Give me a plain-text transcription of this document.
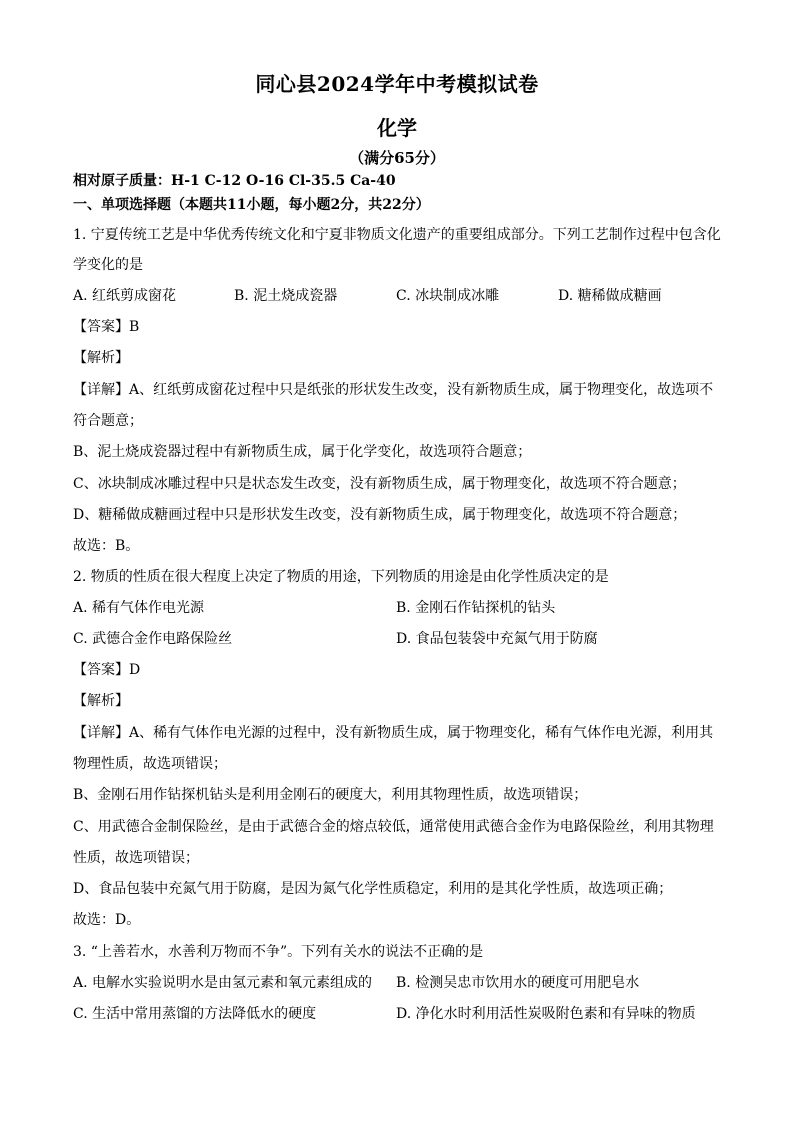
同心县2024学年中考模拟试卷
化学
（满分65分）
相对原子质量：H-1 C-12 O-16 Cl-35.5 Ca-40
一、单项选择题（本题共11小题，每小题2分，共22分）
1. 宁夏传统工艺是中华优秀传统文化和宁夏非物质文化遗产的重要组成部分。下列工艺制作过程中包含化
学变化的是
A. 红纸剪成窗花	B. 泥土烧成瓷器	C. 冰块制成冰雕	D. 糖稀做成糖画
【答案】B
【解析】
【详解】A、红纸剪成窗花过程中只是纸张的形状发生改变，没有新物质生成，属于物理变化，故选项不
符合题意；
B、泥土烧成瓷器过程中有新物质生成，属于化学变化，故选项符合题意；
C、冰块制成冰雕过程中只是状态发生改变，没有新物质生成，属于物理变化，故选项不符合题意；
D、糖稀做成糖画过程中只是形状发生改变，没有新物质生成，属于物理变化，故选项不符合题意；
故选：B。
2. 物质的性质在很大程度上决定了物质的用途，下列物质的用途是由化学性质决定的是
A. 稀有气体作电光源	B. 金刚石作钻探机的钻头
C. 武德合金作电路保险丝	D. 食品包装袋中充氮气用于防腐
【答案】D
【解析】
【详解】A、稀有气体作电光源的过程中，没有新物质生成，属于物理变化，稀有气体作电光源，利用其
物理性质，故选项错误；
B、金刚石用作钻探机钻头是利用金刚石的硬度大，利用其物理性质，故选项错误；
C、用武德合金制保险丝，是由于武德合金的熔点较低，通常使用武德合金作为电路保险丝，利用其物理
性质，故选项错误；
D、食品包装中充氮气用于防腐，是因为氮气化学性质稳定，利用的是其化学性质，故选项正确；
故选：D。
3. “上善若水，水善利万物而不争”。下列有关水的说法不正确的是
A. 电解水实验说明水是由氢元素和氧元素组成的 B. 检测吴忠市饮用水的硬度可用肥皂水
C. 生活中常用蒸馏的方法降低水的硬度	D. 净化水时利用活性炭吸附色素和有异味的物质
